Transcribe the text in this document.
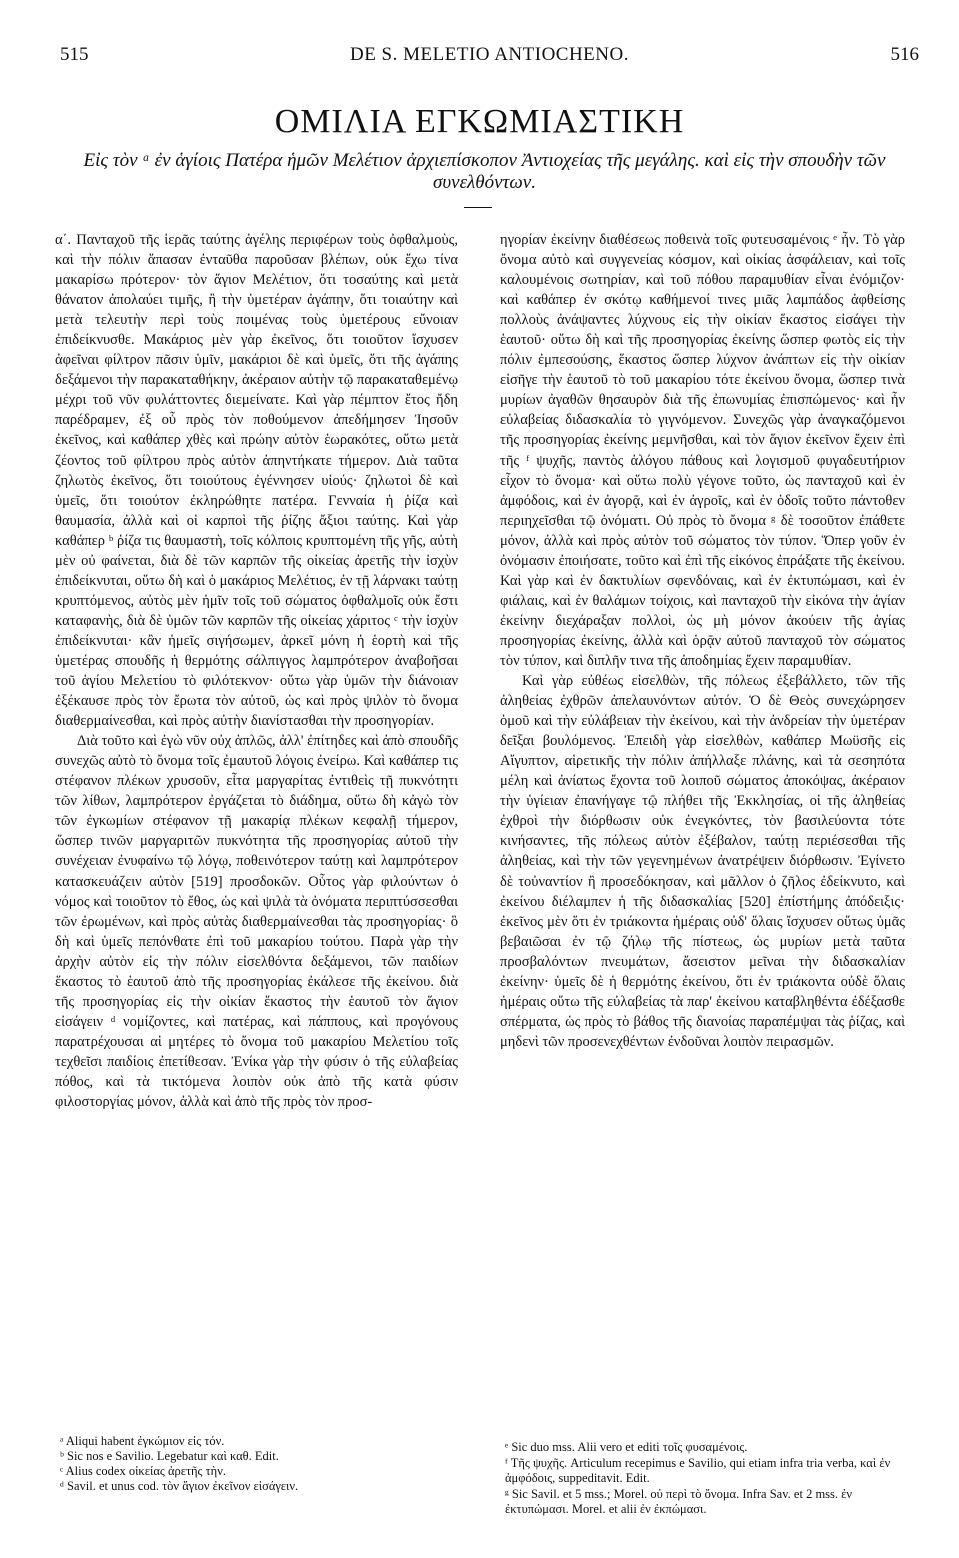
515	DE S. MELETIO ANTIOCHENO.	516
ΟΜΙΛΙΑ ΕΓΚΩΜΙΑΣΤΙΚΗ
Εἰς τὸν ᵃ ἐν ἁγίοις Πατέρα ἡμῶν Μελέτιον ἀρχιεπίσκοπον Ἀντιοχείας τῆς μεγάλης. καὶ εἰς τὴν σπουδὴν τῶν συνελθόντων.

α΄. Πανταχοῦ τῆς ἱερᾶς ταύτης ἀγέλης περιφέρων τοὺς ὀφθαλμοὺς, καὶ τὴν πόλιν ἅπασαν ἐνταῦθα παροῦσαν βλέπων, οὐκ ἔχω τίνα μακαρίσω πρότερον· τὸν ἅγιον Μελέτιον, ὅτι τοσαύτης καὶ μετὰ θάνατον ἀπολαύει τιμῆς, ἢ τὴν ὑμετέραν ἀγάπην, ὅτι τοιαύτην καὶ μετὰ τελευτὴν περὶ τοὺς ποιμένας τοὺς ὑμετέρους εὔνοιαν ἐπιδείκνυσθε. Μακάριος μὲν γὰρ ἐκεῖνος, ὅτι τοιοῦτον ἴσχυσεν ἀφεῖναι φίλτρον πᾶσιν ὑμῖν, μακάριοι δὲ καὶ ὑμεῖς, ὅτι τῆς ἀγάπης δεξάμενοι τὴν παρακαταθήκην, ἀκέραιον αὐτὴν τῷ παρακαταθεμένῳ μέχρι τοῦ νῦν φυλάττοντες διεμείνατε. Καὶ γὰρ πέμπτον ἔτος ἤδη παρέδραμεν, ἐξ οὗ πρὸς τὸν ποθούμενον ἀπεδήμησεν Ἰησοῦν ἐκεῖνος, καὶ καθάπερ χθὲς καὶ πρώην αὐτὸν ἑωρακότες, οὕτω μετὰ ζέοντος τοῦ φίλτρου πρὸς αὐτὸν ἀπηντήκατε τήμερον. Διὰ ταῦτα ζηλωτὸς ἐκεῖνος, ὅτι τοιούτους ἐγέννησεν υἱούς· ζηλωτοὶ δὲ καὶ ὑμεῖς, ὅτι τοιούτον ἐκληρώθητε πατέρα. Γενναία ἡ ῥίζα καὶ θαυμασία, ἀλλὰ καὶ οἱ καρποὶ τῆς ῥίζης ἄξιοι ταύτης. Καὶ γὰρ καθάπερ ᵇ ῥίζα τις θαυμαστὴ, τοῖς κόλποις κρυπτομένη τῆς γῆς, αὐτὴ μὲν οὐ φαίνεται, διὰ δὲ τῶν καρπῶν τῆς οἰκείας ἀρετῆς τὴν ἰσχὺν ἐπιδείκνυται, οὕτω δὴ καὶ ὁ μακάριος Μελέτιος, ἐν τῇ λάρνακι ταύτῃ κρυπτόμενος, αὐτὸς μὲν ἡμῖν τοῖς τοῦ σώματος ὀφθαλμοῖς οὐκ ἔστι καταφανὴς, διὰ δὲ ὑμῶν τῶν καρπῶν τῆς οἰκείας χάριτος ᶜ τὴν ἰσχὺν ἐπιδείκνυται· κἂν ἡμεῖς σιγήσωμεν, ἀρκεῖ μόνη ἡ ἑορτὴ καὶ τῆς ὑμετέρας σπουδῆς ἡ θερμότης σάλπιγγος λαμπρότερον ἀναβοῆσαι τοῦ ἁγίου Μελετίου τὸ φιλότεκνον· οὕτω γὰρ ὑμῶν τὴν διάνοιαν ἐξέκαυσε πρὸς τὸν ἔρωτα τὸν αὐτοῦ, ὡς καὶ πρὸς ψιλὸν τὸ ὄνομα διαθερμαίνεσθαι, καὶ πρὸς αὐτὴν διανίστασθαι τὴν προσηγορίαν.

Διὰ τοῦτο καὶ ἐγὼ νῦν οὐχ ἁπλῶς, ἀλλ' ἐπίτηδες καὶ ἀπὸ σπουδῆς συνεχῶς αὐτὸ τὸ ὄνομα τοῖς ἐμαυτοῦ λόγοις ἐνείρω. Καὶ καθάπερ τις στέφανον πλέκων χρυσοῦν, εἶτα μαργαρίτας ἐντιθεὶς τῇ πυκνότητι τῶν λίθων, λαμπρότερον ἐργάζεται τὸ διάδημα, οὕτω δὴ κἀγὼ τὸν τῶν ἐγκωμίων στέφανον τῇ μακαρίᾳ πλέκων κεφαλῇ τήμερον, ὥσπερ τινῶν μαργαριτῶν πυκνότητα τῆς προσηγορίας αὐτοῦ τὴν συνέχειαν ἐνυφαίνω τῷ λόγῳ, ποθεινότερον ταύτῃ καὶ λαμπρότερον κατασκευάζειν αὐτὸν [519] προσδοκῶν. Οὗτος γὰρ φιλούντων ὁ νόμος καὶ τοιοῦτον τὸ ἔθος, ὡς καὶ ψιλὰ τὰ ὀνόματα περιπτύσσεσθαι τῶν ἐρωμένων, καὶ πρὸς αὐτὰς διαθερμαίνεσθαι τὰς προσηγορίας· ὃ δὴ καὶ ὑμεῖς πεπόνθατε ἐπὶ τοῦ μακαρίου τούτου. Παρὰ γὰρ τὴν ἀρχὴν αὐτὸν εἰς τὴν πόλιν εἰσελθόντα δεξάμενοι, τῶν παιδίων ἕκαστος τὸ ἑαυτοῦ ἀπὸ τῆς προσηγορίας ἐκάλεσε τῆς ἐκείνου. διὰ τῆς προσηγορίας εἰς τὴν οἰκίαν ἕκαστος τὴν ἑαυτοῦ τὸν ἅγιον εἰσάγειν ᵈ νομίζοντες, καὶ πατέρας, καὶ πάππους, καὶ προγόνους παρατρέχουσαι αἱ μητέρες τὸ ὄνομα τοῦ μακαρίου Μελετίου τοῖς τεχθεῖσι παιδίοις ἐπετίθεσαν. Ἐνίκα γὰρ τὴν φύσιν ὁ τῆς εὐλαβείας πόθος, καὶ τὰ τικτόμενα λοιπὸν οὐκ ἀπὸ τῆς κατὰ φύσιν φιλοστοργίας μόνον, ἀλλὰ καὶ ἀπὸ τῆς πρὸς τὸν προσ-

ηγορίαν ἐκείνην διαθέσεως ποθεινὰ τοῖς φυτευσαμένοις ᵉ ἦν. Τὸ γὰρ ὄνομα αὐτὸ καὶ συγγενείας κόσμον, καὶ οἰκίας ἀσφάλειαν, καὶ τοῖς καλουμένοις σωτηρίαν, καὶ τοῦ πόθου παραμυθίαν εἶναι ἐνόμιζον· καὶ καθάπερ ἐν σκότῳ καθήμενοί τινες μιᾶς λαμπάδος ἀφθείσης πολλοὺς ἀνάψαντες λύχνους εἰς τὴν οἰκίαν ἕκαστος εἰσάγει τὴν ἑαυτοῦ· οὕτω δὴ καὶ τῆς προσηγορίας ἐκείνης ὥσπερ φωτὸς εἰς τὴν πόλιν ἐμπεσούσης, ἕκαστος ὥσπερ λύχνον ἀνάπτων εἰς τὴν οἰκίαν εἰσῆγε τὴν ἑαυτοῦ τὸ τοῦ μακαρίου τότε ἐκείνου ὄνομα, ὥσπερ τινὰ μυρίων ἀγαθῶν θησαυρὸν διὰ τῆς ἐπωνυμίας ἐπισπώμενος· καὶ ἦν εὐλαβείας διδασκαλία τὸ γιγνόμενον. Συνεχῶς γὰρ ἀναγκαζόμενοι τῆς προσηγορίας ἐκείνης μεμνῆσθαι, καὶ τὸν ἅγιον ἐκεῖνον ἔχειν ἐπὶ τῆς ᶠ ψυχῆς, παντὸς ἀλόγου πάθους καὶ λογισμοῦ φυγαδευτήριον εἶχον τὸ ὄνομα· καὶ οὕτω πολὺ γέγονε τοῦτο, ὡς πανταχοῦ καὶ ἐν ἀμφόδοις, καὶ ἐν ἀγορᾷ, καὶ ἐν ἀγροῖς, καὶ ἐν ὁδοῖς τοῦτο πάντοθεν περιηχεῖσθαι τῷ ὀνόματι. Οὐ πρὸς τὸ ὄνομα ᵍ δὲ τοσοῦτον ἐπάθετε μόνον, ἀλλὰ καὶ πρὸς αὐτὸν τοῦ σώματος τὸν τύπον. Ὅπερ γοῦν ἐν ὀνόμασιν ἐποιήσατε, τοῦτο καὶ ἐπὶ τῆς εἰκόνος ἐπράξατε τῆς ἐκείνου. Καὶ γὰρ καὶ ἐν δακτυλίων σφενδόναις, καὶ ἐν ἐκτυπώμασι, καὶ ἐν φιάλαις, καὶ ἐν θαλάμων τοίχοις, καὶ πανταχοῦ τὴν εἰκόνα τὴν ἁγίαν ἐκείνην διεχάραξαν πολλοὶ, ὡς μὴ μόνον ἀκούειν τῆς ἁγίας προσηγορίας ἐκείνης, ἀλλὰ καὶ ὁρᾷν αὐτοῦ πανταχοῦ τὸν σώματος τὸν τύπον, καὶ διπλῆν τινα τῆς ἀποδημίας ἔχειν παραμυθίαν.

Καὶ γὰρ εὐθέως εἰσελθὼν, τῆς πόλεως ἐξεβάλλετο, τῶν τῆς ἀληθείας ἐχθρῶν ἀπελαυνόντων αὐτόν. Ὁ δὲ Θεὸς συνεχώρησεν ὁμοῦ καὶ τὴν εὐλάβειαν τὴν ἐκείνου, καὶ τὴν ἀνδρείαν τὴν ὑμετέραν δεῖξαι βουλόμενος. Ἐπειδὴ γὰρ εἰσελθὼν, καθάπερ Μωϋσῆς εἰς Αἴγυπτον, αἱρετικῆς τὴν πόλιν ἀπήλλαξε πλάνης, καὶ τὰ σεσηπότα μέλη καὶ ἀνίατως ἔχοντα τοῦ λοιποῦ σώματος ἀποκόψας, ἀκέραιον τὴν ὑγίειαν ἐπανήγαγε τῷ πλήθει τῆς Ἐκκλησίας, οἱ τῆς ἀληθείας ἐχθροὶ τὴν διόρθωσιν οὐκ ἐνεγκόντες, τὸν βασιλεύοντα τότε κινήσαντες, τῆς πόλεως αὐτὸν ἐξέβαλον, ταύτῃ περιέσεσθαι τῆς ἀληθείας, καὶ τὴν τῶν γεγενημένων ἀνατρέψειν διόρθωσιν. Ἐγίνετο δὲ τοὐναντίον ἢ προσεδόκησαν, καὶ μᾶλλον ὁ ζῆλος ἐδείκνυτο, καὶ ἐκείνου διέλαμπεν ἡ τῆς διδασκαλίας [520] ἐπίστήμης ἀπόδειξις· ἐκεῖνος μὲν ὅτι ἐν τριάκοντα ἡμέραις οὐδ' ὅλαις ἴσχυσεν οὕτως ὑμᾶς βεβαιῶσαι ἐν τῷ ζήλῳ τῆς πίστεως, ὡς μυρίων μετὰ ταῦτα προσβαλόντων πνευμάτων, ἄσειστον μεῖναι τὴν διδασκαλίαν ἐκείνην· ὑμεῖς δὲ ἡ θερμότης ἐκείνου, ὅτι ἐν τριάκοντα οὐδὲ ὅλαις ἡμέραις οὕτω τῆς εὐλαβείας τὰ παρ' ἐκείνου καταβληθέντα ἐδέξασθε σπέρματα, ὡς πρὸς τὸ βάθος τῆς διανοίας παραπέμψαι τὰς ῥίζας, καὶ μηδενὶ τῶν προσενεχθέντων ἐνδοῦναι λοιπὸν πειρασμῶν.

ᵃ Aliqui habent ἐγκώμιον εἰς τόν.
ᵇ Sic nos e Savilio. Legebatur καὶ καθ. Edit.
ᶜ Alius codex οἰκείας ἀρετῆς τὴν.
ᵈ Savil. et unus cod. τὸν ἅγιον ἐκεῖνον εἰσάγειν.
ᵉ Sic duo mss. Alii vero et editi τοῖς φυσαμένοις.
ᶠ Τῆς ψυχῆς. Articulum recepimus e Savilio, qui etiam infra tria verba, καὶ ἐν ἀμφόδοις, suppeditavit. Edit.
ᵍ Sic Savil. et 5 mss.; Morel. οὐ περὶ τὸ ὄνομα. Infra Sav. et 2 mss. ἐν ἐκτυπώμασι. Morel. et alii ἐν ἐκπώμασι.
